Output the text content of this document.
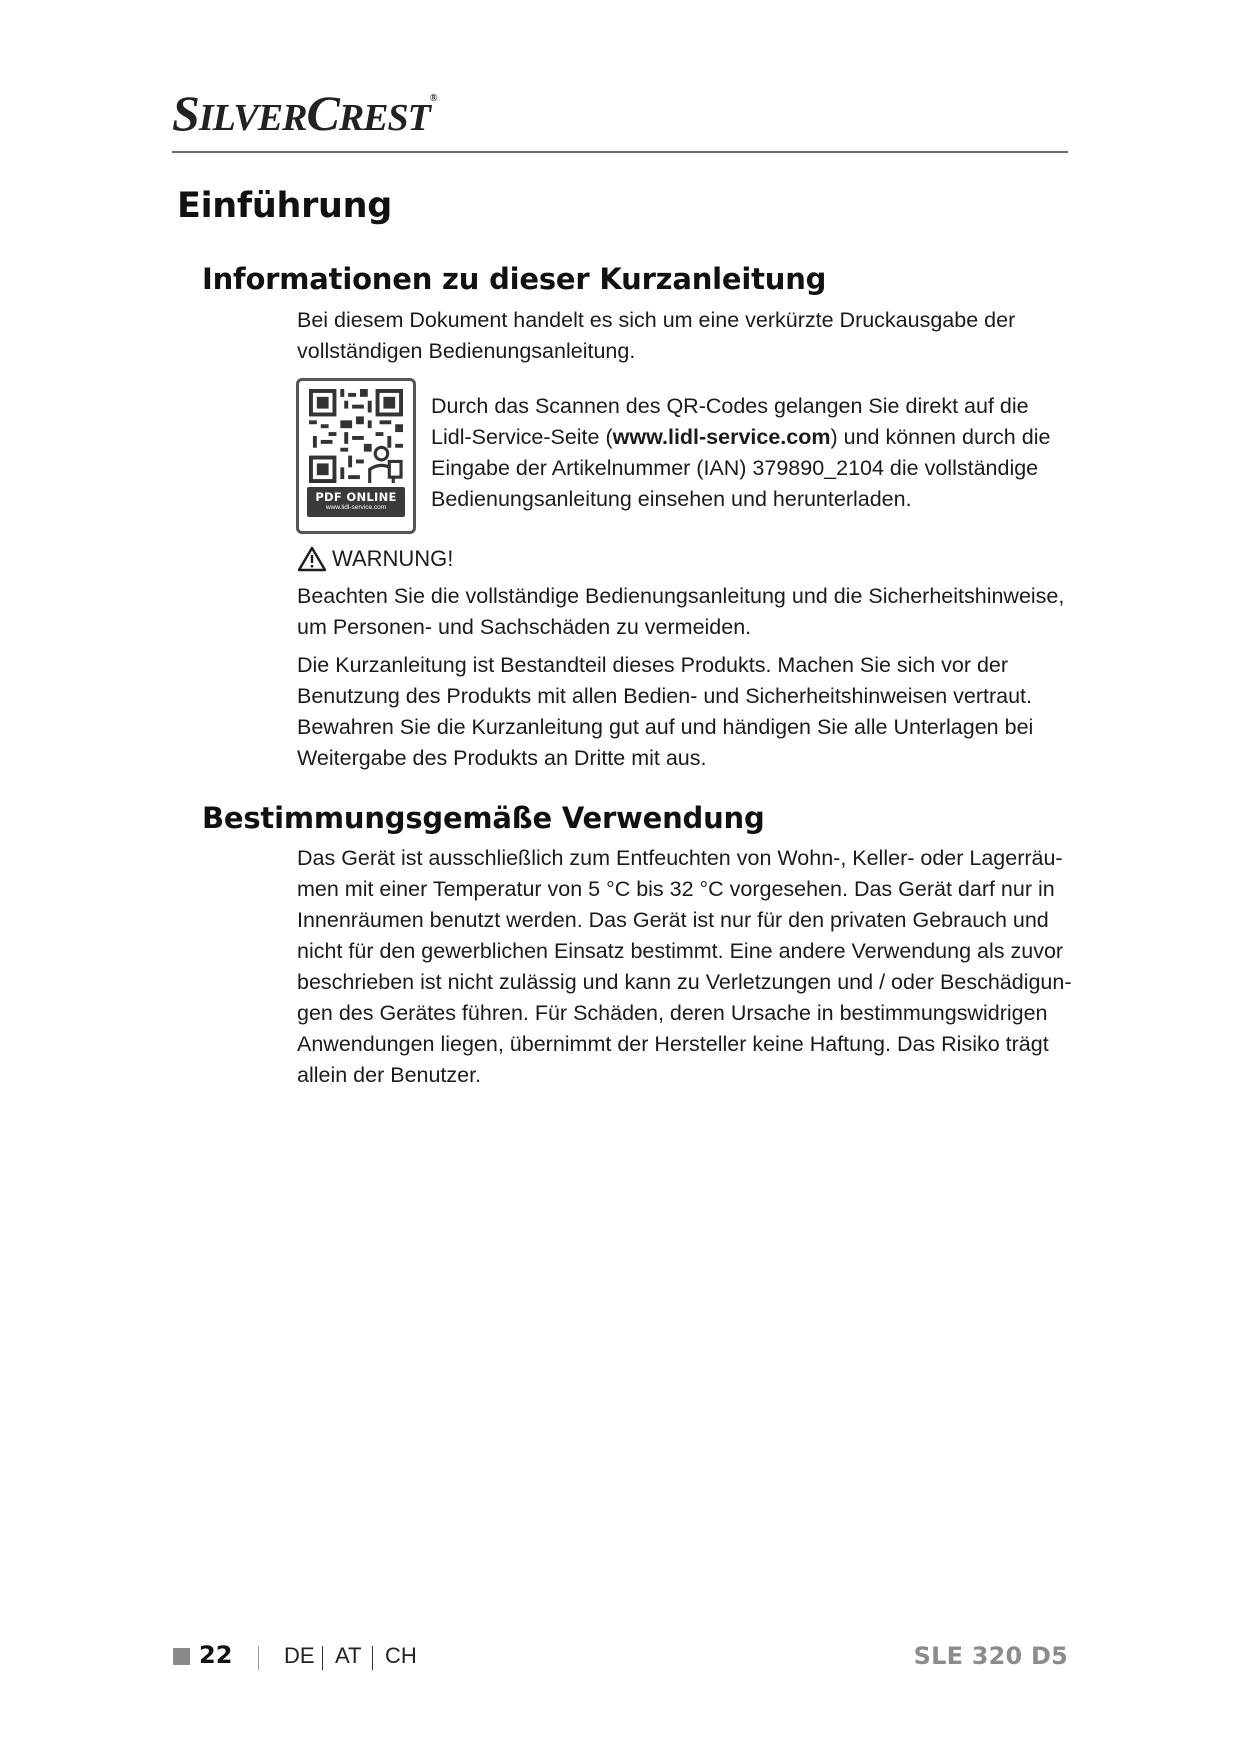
SILVERCREST®
Einführung
Informationen zu dieser Kurzanleitung

Bei diesem Dokument handelt es sich um eine verkürzte Druckausgabe der
vollständigen Bedienungsanleitung.

PDF ONLINE
www.lidl-service.com

Durch das Scannen des QR-Codes gelangen Sie direkt auf die
Lidl-Service-Seite (www.lidl-service.com) und können durch die
Eingabe der Artikelnummer (IAN) 379890_2104 die vollständige
Bedienungsanleitung einsehen und herunterladen.

WARNUNG!

Beachten Sie die vollständige Bedienungsanleitung und die Sicherheitshinweise,
um Personen- und Sachschäden zu vermeiden.

Die Kurzanleitung ist Bestandteil dieses Produkts. Machen Sie sich vor der
Benutzung des Produkts mit allen Bedien- und Sicherheitshinweisen vertraut.
Bewahren Sie die Kurzanleitung gut auf und händigen Sie alle Unterlagen bei
Weitergabe des Produkts an Dritte mit aus.

Bestimmungsgemäße Verwendung

Das Gerät ist ausschließlich zum Entfeuchten von Wohn-, Keller- oder Lagerräu-
men mit einer Temperatur von 5 °C bis 32 °C vorgesehen. Das Gerät darf nur in
Innenräumen benutzt werden. Das Gerät ist nur für den privaten Gebrauch und
nicht für den gewerblichen Einsatz bestimmt. Eine andere Verwendung als zuvor
beschrieben ist nicht zulässig und kann zu Verletzungen und / oder Beschädigun-
gen des Gerätes führen. Für Schäden, deren Ursache in bestimmungswidrigen
Anwendungen liegen, übernimmt der Hersteller keine Haftung. Das Risiko trägt
allein der Benutzer.

22 DE AT CH	SLE 320 D5
